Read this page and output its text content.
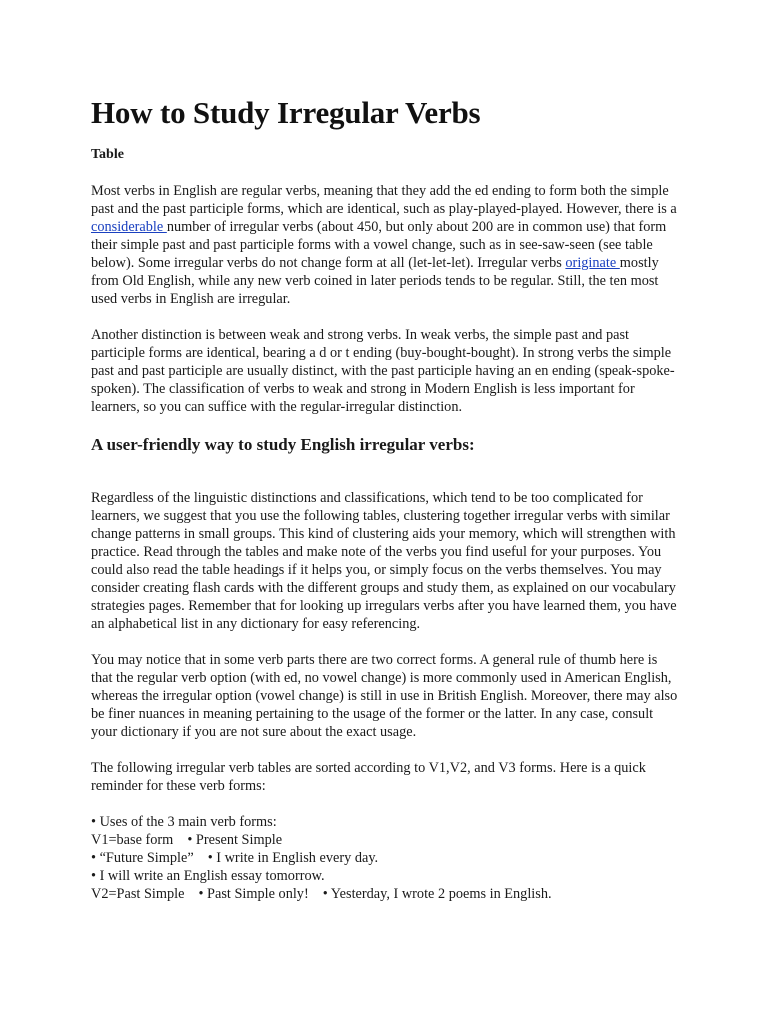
How to Study Irregular Verbs
Table

Most verbs in English are regular verbs, meaning that they add the ed ending to form both the simple past and the past participle forms, which are identical, such as play-played-played. However, there is a considerable number of irregular verbs (about 450, but only about 200 are in common use) that form their simple past and past participle forms with a vowel change, such as in see-saw-seen (see table below). Some irregular verbs do not change form at all (let-let-let). Irregular verbs originate mostly from Old English, while any new verb coined in later periods tends to be regular. Still, the ten most used verbs in English are irregular.

Another distinction is between weak and strong verbs. In weak verbs, the simple past and past participle forms are identical, bearing a d or t ending (buy-bought-bought). In strong verbs the simple past and past participle are usually distinct, with the past participle having an en ending (speak-spoke-spoken). The classification of verbs to weak and strong in Modern English is less important for learners, so you can suffice with the regular-irregular distinction.

A user-friendly way to study English irregular verbs:

Regardless of the linguistic distinctions and classifications, which tend to be too complicated for learners, we suggest that you use the following tables, clustering together irregular verbs with similar change patterns in small groups. This kind of clustering aids your memory, which will strengthen with practice. Read through the tables and make note of the verbs you find useful for your purposes. You could also read the table headings if it helps you, or simply focus on the verbs themselves. You may consider creating flash cards with the different groups and study them, as explained on our vocabulary strategies pages. Remember that for looking up irregulars verbs after you have learned them, you have an alphabetical list in any dictionary for easy referencing.

You may notice that in some verb parts there are two correct forms. A general rule of thumb here is that the regular verb option (with ed, no vowel change) is more commonly used in American English, whereas the irregular option (vowel change) is still in use in British English. Moreover, there may also be finer nuances in meaning pertaining to the usage of the former or the latter. In any case, consult your dictionary if you are not sure about the exact usage.

The following irregular verb tables are sorted according to V1,V2, and V3 forms. Here is a quick reminder for these verb forms:

• Uses of the 3 main verb forms:
V1=base form • Present Simple
• “Future Simple” • I write in English every day.
• I will write an English essay tomorrow.
V2=Past Simple • Past Simple only! • Yesterday, I wrote 2 poems in English.
